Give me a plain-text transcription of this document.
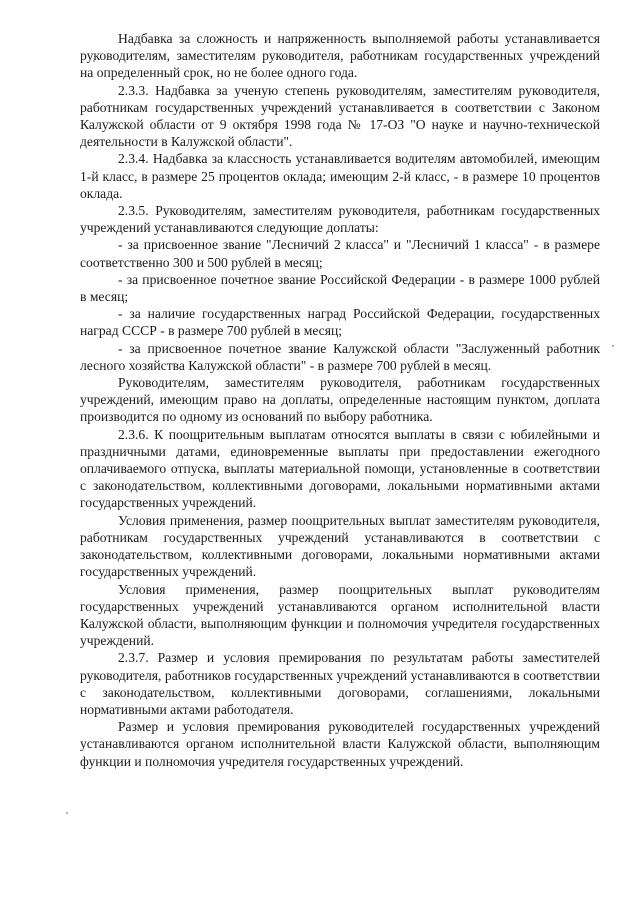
Надбавка за сложность и напряженность выполняемой работы устанавливается руководителям, заместителям руководителя, работникам государственных учреждений на определенный срок, но не более одного года.

2.3.3. Надбавка за ученую степень руководителям, заместителям руководителя, работникам государственных учреждений устанавливается в соответствии с Законом Калужской области от 9 октября 1998 года № 17-ОЗ "О науке и научно-технической деятельности в Калужской области".

2.3.4. Надбавка за классность устанавливается водителям автомобилей, имеющим 1-й класс, в размере 25 процентов оклада; имеющим 2-й класс, - в размере 10 процентов оклада.

2.3.5. Руководителям, заместителям руководителя, работникам государственных учреждений устанавливаются следующие доплаты:

- за присвоенное звание "Лесничий 2 класса" и "Лесничий 1 класса" - в размере соответственно 300 и 500 рублей в месяц;

- за присвоенное почетное звание Российской Федерации - в размере 1000 рублей в месяц;

- за наличие государственных наград Российской Федерации, государственных наград СССР - в размере 700 рублей в месяц;

- за присвоенное почетное звание Калужской области "Заслуженный работник лесного хозяйства Калужской области" - в размере 700 рублей в месяц.

Руководителям, заместителям руководителя, работникам государственных учреждений, имеющим право на доплаты, определенные настоящим пунктом, доплата производится по одному из оснований по выбору работника.

2.3.6. К поощрительным выплатам относятся выплаты в связи с юбилейными и праздничными датами, единовременные выплаты при предоставлении ежегодного оплачиваемого отпуска, выплаты материальной помощи, установленные в соответствии с законодательством, коллективными договорами, локальными нормативными актами государственных учреждений.

Условия применения, размер поощрительных выплат заместителям руководителя, работникам государственных учреждений устанавливаются в соответствии с законодательством, коллективными договорами, локальными нормативными актами государственных учреждений.

Условия применения, размер поощрительных выплат руководителям государственных учреждений устанавливаются органом исполнительной власти Калужской области, выполняющим функции и полномочия учредителя государственных учреждений.

2.3.7. Размер и условия премирования по результатам работы заместителей руководителя, работников государственных учреждений устанавливаются в соответствии с законодательством, коллективными договорами, соглашениями, локальными нормативными актами работодателя.

Размер и условия премирования руководителей государственных учреждений устанавливаются органом исполнительной власти Калужской области, выполняющим функции и полномочия учредителя государственных учреждений.
